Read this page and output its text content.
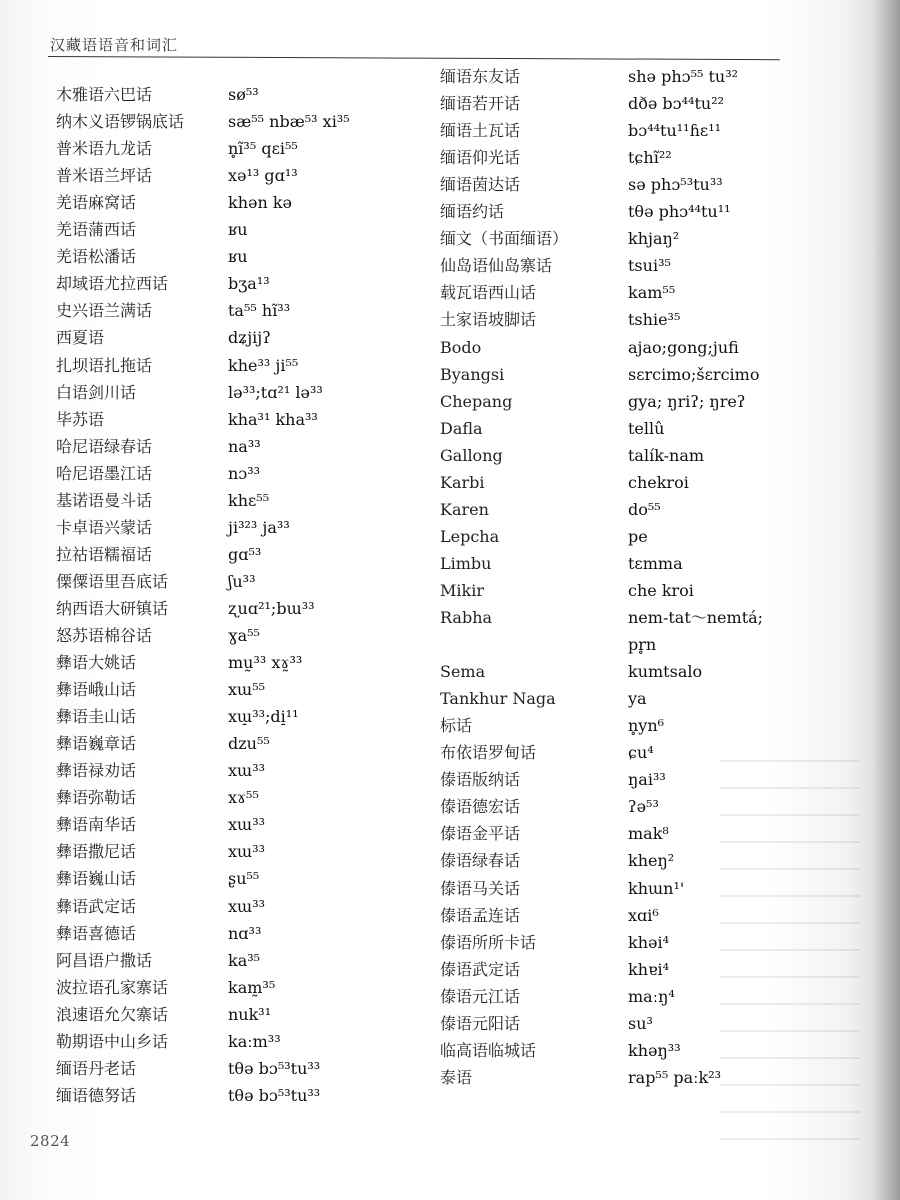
汉藏语语音和词汇
木雅语六巴话	sø⁵³
纳木义语锣锅底话	sæ⁵⁵ nbæ⁵³ xi³⁵
普米语九龙话	n̥ĩ³⁵ qɛi⁵⁵
普米语兰坪话	xə¹³ gɑ¹³
羌语麻窝话	khən kə
羌语蒲西话	ʁu
羌语松潘话	ʁu
却域语尤拉西话	bʒa¹³
史兴语兰满话	ta⁵⁵ hĩ³³
西夏语	dʑjijʔ
扎坝语扎拖话	khe³³ ji⁵⁵
白语剑川话	lə³³;tɑ²¹ lə³³
毕苏语	kha³¹ kha³³
哈尼语绿春话	na³³
哈尼语墨江话	nɔ³³
基诺语曼斗话	khɛ⁵⁵
卡卓语兴蒙话	ji³²³ ja³³
拉祜语糯福话	gɑ⁵³
傈僳语里吾底话	ʃu³³
纳西语大研镇话	ʐuɑ²¹;bɯ³³
怒苏语棉谷话	ɣa⁵⁵
彝语大姚话	mṵ³³ xɤ̰³³
彝语峨山话	xɯ⁵⁵
彝语圭山话	xɯ̠³³;di̠¹¹
彝语巍章话	dzu⁵⁵
彝语禄劝话	xɯ³³
彝语弥勒话	xɤ⁵⁵
彝语南华话	xɯ³³
彝语撒尼话	xɯ³³
彝语巍山话	ʂu⁵⁵
彝语武定话	xɯ³³
彝语喜德话	nɑ³³
阿昌语户撒话	ka³⁵
波拉语孔家寨话	kam̰³⁵
浪速语允欠寨话	nuk³¹
勒期语中山乡话	kaːm³³
缅语丹老话	tθə bɔ⁵³tu³³
缅语德努话	tθə bɔ⁵³tu³³
缅语东友话	shə phɔ⁵⁵ tu³²
缅语若开话	dðə bɔ⁴⁴tu²²
缅语土瓦话	bɔ⁴⁴tu¹¹ɦɛ¹¹
缅语仰光话	tɕhĩ²²
缅语茵达话	sə phɔ⁵³tu³³
缅语约话	tθə phɔ⁴⁴tu¹¹
缅文（书面缅语）	khjaŋ²
仙岛语仙岛寨话	tsui³⁵
载瓦语西山话	kam⁵⁵
土家语坡脚话	tshie³⁵
Bodo	ajao;gong;jufi
Byangsi	sɛrcimo;šɛrcimo
Chepang	gya; ŋriʔ; ŋreʔ
Dafla	tellû
Gallong	talík-nam
Karbi	chekroi
Karen	do⁵⁵
Lepcha	pe
Limbu	tɛmma
Mikir	che kroi
Rabha	nem-tat～nemtá;
pr̥n
Sema	kumtsalo
Tankhur Naga	ya
标话	n̥yn⁶
布依语罗甸话	ɕu⁴
傣语版纳话	ŋai³³
傣语德宏话	ʔə⁵³
傣语金平话	mak⁸
傣语绿春话	kheŋ²
傣语马关话	khɯn¹'
傣语孟连话	xɑi⁶
傣语所所卡话	khəi⁴
傣语武定话	khɐi⁴
傣语元江话	maːŋ⁴
傣语元阳话	su³
临高语临城话	khəŋ³³
泰语	rap⁵⁵ paːk²³
2824
